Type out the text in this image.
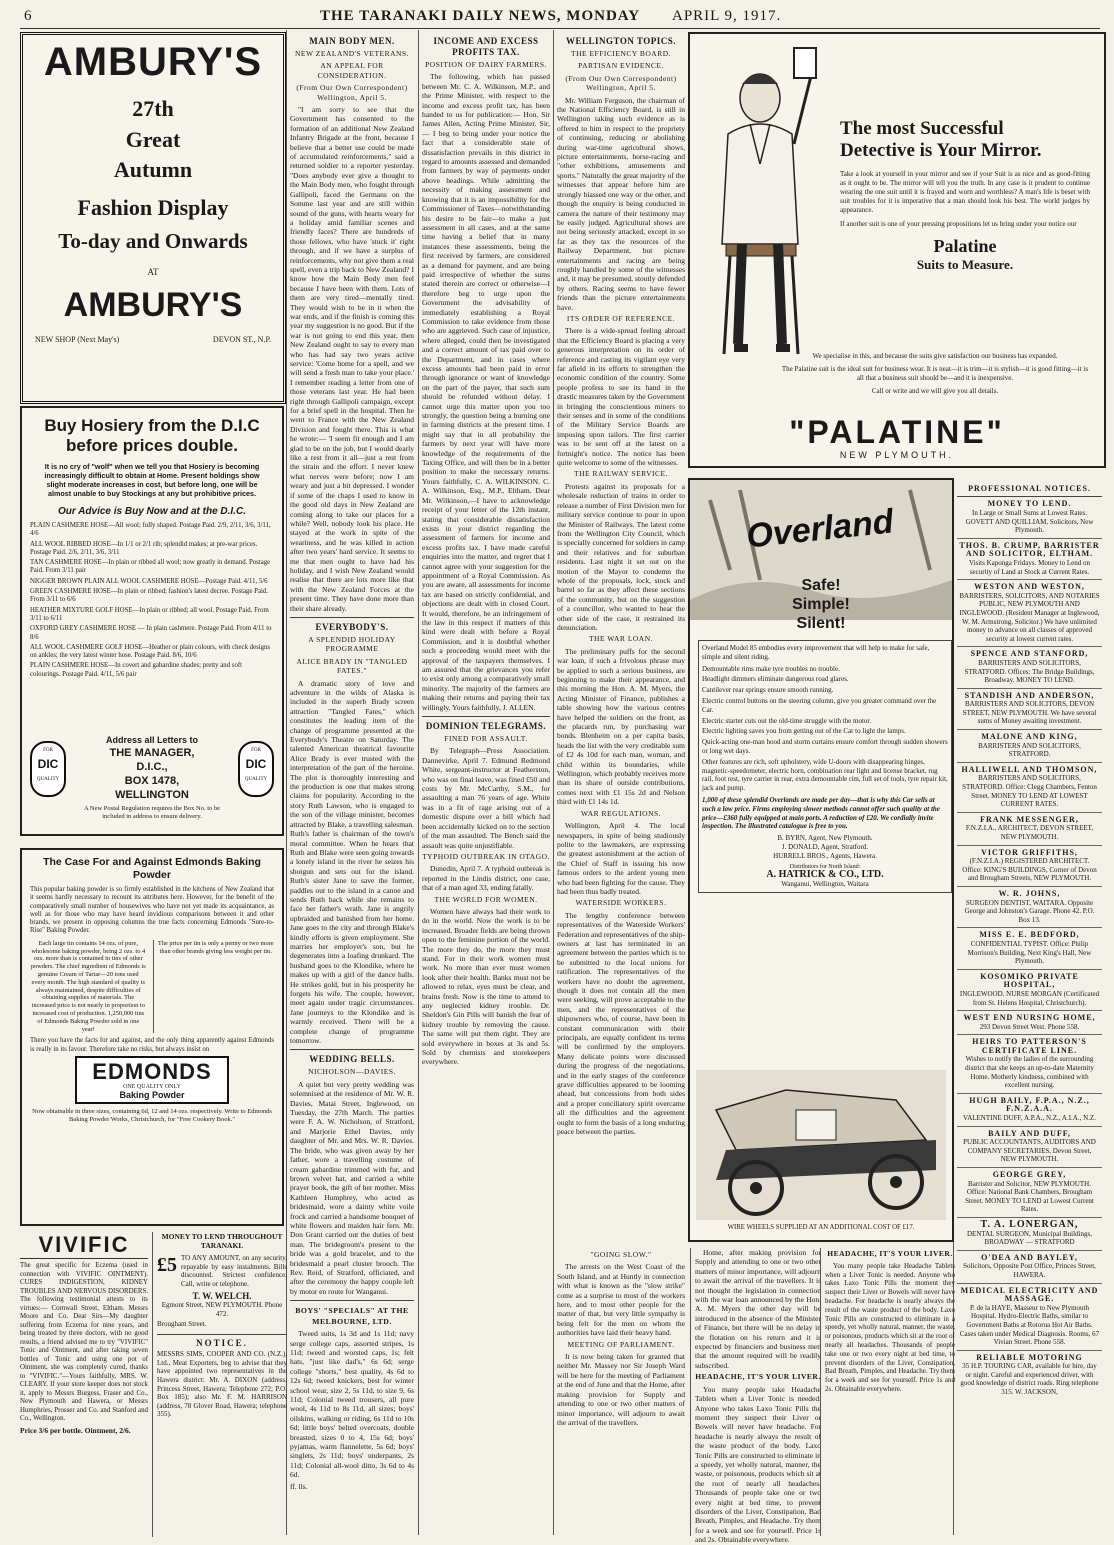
6	THE TARANAKI DAILY NEWS, MONDAY APRIL 9, 1917.
AMBURY'S
27th
Great
Autumn
Fashion Display
To-day and Onwards
AT
AMBURY'S
NEW SHOP (Next May's)	DEVON ST., N.P.
Buy Hosiery from the D.I.C before prices double.
It is no cry of "wolf" when we tell you that Hosiery is becoming increasingly difficult to obtain at Home. Present holdings show slight moderate increases in cost, but before long, one will be almost unable to buy Stockings at any but prohibitive prices.
Our Advice is Buy Now and at the D.I.C.
PLAIN CASHMERE HOSE—All wool; fully shaped. Postage Paid. 2/9, 2/11, 3/6, 3/11, 4/6
ALL WOOL RIBBED HOSE—In 1/1 or 2/1 rib; splendid makes; at pre-war prices. Postage Paid. 2/6, 2/11, 3/6, 3/11
TAN CASHMERE HOSE—In plain or ribbed all wool; now greatly in demand. Postage Paid. From 3/11 pair
NIGGER BROWN PLAIN ALL WOOL CASHMERE HOSE—Postage Paid. 4/11, 5/6
GREEN CASHMERE HOSE—In plain or ribbed; fashion's latest decree. Postage Paid. From 3/11 to 6/6
HEATHER MIXTURE GOLF HOSE—In plain or ribbed; all wool. Postage Paid. From 3/11 to 6/11
OXFORD GREY CASHMERE HOSE — In plain cashmere. Postage Paid. From 4/11 to 8/6
ALL WOOL CASHMERE GOLF HOSE—Heather or plain colours, with check designs on ankles; the very latest winter hose. Postage Paid. 8/6, 10/6
PLAIN CASHMERE HOSE—In covert and gabardine shades; pretty and soft colourings. Postage Paid. 4/11, 5/6 pair
FOR
DIC
QUALITY
FOR
DIC
QUALITY
Address all Letters to
THE MANAGER,
D.I.C.,
BOX 1478,
WELLINGTON
A New Postal Regulation requires the Box No. to be included in address to ensure delivery.
The Case For and Against Edmonds Baking Powder
This popular baking powder is so firmly established in the kitchens of New Zealand that it seems hardly necessary to recount its attributes here. However, for the benefit of the comparatively small number of housewives who have not yet made its acquaintance, as well as for those who may have heard invidious comparisons between it and other brands, we present in opposing columns the true facts concerning Edmonds "Sure-to-Rise" Baking Powder.
Each large tin contains 14 ozs. of pure, wholesome baking powder, being 2 ozs. to 4 ozs. more than is contained in tins of other powders. The chief ingredient of Edmonds is genuine Cream of Tartar—20 tons used every month. The high standard of quality is always maintained, despite difficulties of obtaining supplies of materials. The increased price is not nearly in proportion to increased cost of production. 1,250,000 tins of Edmonds Baking Powder sold in one year!
The price per tin is only a penny or two more than other brands giving less weight per tin.
There you have the facts for and against, and the only thing apparently against Edmonds is really in its favour. Therefore take no risks, but always insist on
EDMONDS
ONE QUALITY ONLY
Baking Powder
Now obtainable in three sizes, containing 6d, 12 and 14 ozs. respectively. Write to Edmonds Baking Powder Works, Christchurch, for "Free Cookery Book."
VIVIFIC
The great specific for Eczema (used in connection with VIVIFIC OINTMENT). CURES INDIGESTION, KIDNEY TROUBLES AND NERVOUS DISORDERS. The following testimonial attests to its virtues:— Cornwall Street, Eltham. Messrs Moore and Co. Dear Sirs—My daughter suffering from Eczema for nine years, and being treated by three doctors, with no good results, a friend advised me to try "VIVIFIC" Tonic and Ointment, and after taking seven bottles of Tonic and using one pot of Ointment, she was completely cured, thanks to "VIVIFIC."—Yours faithfully, MRS. W. CLEARY. If your store keeper does not stock it, apply to Messrs Burgess, Fraser and Co., New Plymouth and Hawera, or Messrs Humphries, Prosser and Co. and Stanford and Co., Wellington.
Price 3/6 per bottle. Ointment, 2/6.
MONEY TO LEND THROUGHOUT TARANAKI.
£5 TO ANY AMOUNT, on any security, repayable by easy instalments. Bills discounted. Strictest confidence. Call, write or telephone.
T. W. WELCH.
Egmont Street, NEW PLYMOUTH. Phone 472.
Brougham Street.
NOTICE.
MESSRS SIMS, COOPER AND CO. (N.Z.), Ltd., Meat Exporters, beg to advise that they have appointed two representatives in the Hawera district: Mr. A. DIXON (address, Princess Street, Hawera; Telephone 272; P.O. Box 185); also Mr. F. M. HARRISON (address, 78 Glover Road, Hawera; telephone 355).
MAIN BODY MEN.
NEW ZEALAND'S VETERANS.
AN APPEAL FOR CONSIDERATION.
(From Our Own Correspondent) Wellington, April 5.

"I am sorry to see that the Government has consented to the formation of an additional New Zealand Infantry Brigade at the front, because I believe that a better use could be made of accumulated reinforcements," said a returned soldier to a reporter yesterday. "Does anybody ever give a thought to the Main Body men, who fought through Gallipoli, faced the Germans on the Somme last year and are still within sound of the guns, with hearts weary for a holiday amid familiar scenes and friendly faces? There are hundreds of those fellows, who have 'stuck it' right through, and if we have a surplus of reinforcements, why not give them a real spell, even a trip back to New Zealand? I know how the Main Body men feel because I have been with them. Lots of them are very tired—mentally tired. They would wish to be in it when the war ends, and if the finish is coming this year my suggestion is no good. But if the war is not going to end this year, then New Zealand ought to say to every man who has had say two years active service: 'Come home for a spell, and we will send a fresh man to take your place.' I remember reading a letter from one of those veterans last year. He had been right through Gallipoli campaign, except for a brief spell in the hospital. Then he went to France with the New Zealand Division and fought there. This is what he wrote:— 'I seem fit enough and I am glad to be on the job, but I would dearly like a rest from it all—just a rest from the strain and the effort. I never knew what nerves were before; now I am weary and just a bit depressed. I wonder if some of the chaps I used to know in the good old days in New Zealand are coming along to take our places for a while? Well, nobody look his place. He stayed at the work in spite of the weariness, and he was killed in action after two years' hard service. It seems to me that men ought to have had his holiday, and I wish New Zealand would realise that there are lots more like that with the New Zealand Forces at the present time. They have done more than their share already.

EVERYBODY'S.
A SPLENDID HOLIDAY PROGRAMME
ALICE BRADY IN "TANGLED FATES."

A dramatic story of love and adventure in the wilds of Alaska is included in the superb Brady screen attraction "Tangled Fates," which constitutes the leading item of the change of programme presented at the Everybody's Theatre on Saturday. The talented American theatrical favourite Alice Brady is ever trusted with the interpretation of the part of the heroine. The plot is thoroughly interesting and the production is one that makes strong claims for popularity. According to the story Ruth Lawson, who is engaged to the son of the village minister, becomes attracted by Blake, a travelling salesman. Ruth's father is chairman of the town's moral committee. When he hears that Ruth and Blake were seen going towards a lonely island in the river he seizes his shotgun and sets out for the island. Ruth's sister Jane to save the former, paddles out to the island in a canoe and sends Ruth back while she remains to face her father's wrath. Jane is angrily upbraided and banished from her home. Jane goes to the city and through Blake's kindly efforts is given employment. She marries her employer's son, but he degenerates into a loafing drunkard. The husband goes to the Klondike, where he makes up with a girl of the dance halls. He strikes gold, but in his prosperity he forgets his wife. The couple, however, meet again under tragic circumstances. Jane journeys to the Klondike and is warmly received. There will be a complete change of programme tomorrow.

WEDDING BELLS.
NICHOLSON—DAVIES.

A quiet but very pretty wedding was solemnised at the residence of Mr. W. R. Davies, Matai Street, Inglewood, on Tuesday, the 27th March. The parties were F. A. W. Nicholson, of Stratford, and Marjorie Ethel Davies, only daughter of Mr. and Mrs. W. R. Davies. The bride, who was given away by her father, wore a travelling costume of cream gabardine trimmed with fur, and brown velvet hat, and carried a white prayer book, the gift of her mother. Miss Kathleen Humphrey, who acted as bridesmaid, wore a dainty white voile frock and carried a handsome bouquet of white flowers and maiden hair fern. Mr. Don Grant carried out the duties of best man. The bridegroom's present to the bride was a gold bracelet, and to the bridesmaid a pearl cluster brooch. The Rev. Reid, of Stratford, officiated, and after the ceremony the happy couple left by motor en route for Wanganui.

BOYS' "SPECIALS" AT THE MELBOURNE, LTD.

Tweed suits, 1s 3d and 1s 11d; navy serge college caps, assorted stripes, 1s 11d; tweed and worsted caps, 1s; felt hats, "just like dad's," 6s 6d; serge college "shorts," best quality, 4s 6d to 12s 6d; tweed knickers, best for winter school wear, size 2, 5s 11d, to size 9, 6s 11d; Colonial tweed trousers, all pure wool, 4s 11d to 8s 11d, all sizes; boys' oilskins, walking or riding, 6s 11d to 10s 6d; little boys' belted overcoats, double breasted, sizes 0 to 4, 15s 6d; boys' pyjamas, warm flannelette, 5s 6d; boys' singlets, 2s 11d; boys' underpants, 2s 11d; Colonial all-wool ditto, 3s 6d to 4s 6d.

ff. lls.
INCOME AND EXCESS PROFITS TAX.
POSITION OF DAIRY FARMERS.

The following, which has passed between Mr. C. A. Wilkinson, M.P., and the Prime Minister, with respect to the income and excess profit tax, has been handed to us for publication:— Hon. Sir James Allen, Acting Prime Minister. Sir,— I beg to bring under your notice the fact that a considerable state of dissatisfaction prevails in this district in regard to amounts assessed and demanded from farmers by way of payments under above headings. While admitting the necessity of making assessment and knowing that it is an impossibility for the Commissioner of Taxes—notwithstanding his desire to be fair—to make a just assessment in all cases, and at the same time having a belief that in many instances these assessments, being the first received by farmers, are considered as a demand for payment, and are being paid irrespective of whether the sums stated therein are correct or otherwise—I therefore beg to urge upon the Government the advisability of immediately establishing a Royal Commission to take evidence from those who are aggrieved. Such case of injustice, where alleged, could then be investigated and a correct amount of tax paid over to the Department, and in cases where excess amounts had been paid in error through ignorance or want of knowledge on the part of the payer, that such sum should be refunded without delay. I cannot urge this matter upon you too strongly, the question being a burning one in farming districts at the present time. I might say that in all probability the farmers by next year will have more knowledge of the requirements of the Taxing Office, and will then be in a better position to make the necessary returns. Yours faithfully, C. A. WILKINSON. C. A. Wilkinson, Esq., M.P., Eltham. Dear Mr. Wilkinson,—I have to acknowledge receipt of your letter of the 12th instant, stating that considerable dissatisfaction exists in your district regarding the assessment of farmers for income and excess profits tax. I have made careful enquiries into the matter, and regret that I cannot agree with your suggestion for the appointment of a Royal Commission. As you are aware, all assessments for income tax are based on strictly confidential, and objections are dealt with in closed Court. It would, therefore, be an infringement of the law in this respect if matters of this kind were dealt with before a Royal Commission, and it is doubtful whether such a proceeding would meet with the approval of the taxpayers themselves. I am assured that the grievances you refer to exist only among a comparatively small minority. The majority of the farmers are making their returns and paying their tax willingly. Yours faithfully, J. ALLEN.

DOMINION TELEGRAMS.
FINED FOR ASSAULT.

By Telegraph—Press Association. Dannevirke, April 7. Edmund Redmond White, sergeant-instructor at Featherston, who was on final leave, was fined £50 and costs by Mr. McCarthy, S.M., for assaulting a man 76 years of age. White was in a fit of rage arising out of a domestic dispute over a bill which had been accidentally kicked on to the section of the man assaulted. The Bench said the assault was quite unjustifiable.

TYPHOID OUTBREAK IN OTAGO.

Dunedin, April 7. A typhoid outbreak is reported in the Lindis district, one case, that of a man aged 33, ending fatally.

THE WORLD FOR WOMEN.

Women have always had their work to do in the world. Now the work is to be increased. Broader fields are being thrown open to the feminine portion of the world. The more they do, the more they must stand. For in their work women must work. No more than ever must women look after their health. Banks must not be allowed to relax, eyes must be clear, and brains fresh. Now is the time to attend to any neglected kidney trouble. Dr. Sheldon's Gin Pills will banish the fear of kidney trouble by removing the cause. The same will put them right. They are sold everywhere in boxes at 3s and 5s. Sold by chemists and storekeepers everywhere.

WELLINGTON TOPICS.
THE EFFICIENCY BOARD.
PARTISAN EVIDENCE.
(From Our Own Correspondent) Wellington, April 5.

Mr. William Ferguson, the chairman of the National Efficiency Board, is still in Wellington taking such evidence as is offered to him in respect to the propriety of continuing, reducing or abolishing during war-time agricultural shows, picture entertainments, horse-racing and "other exhibitions, amusements and sports." Naturally the great majority of the witnesses that appear before him are strongly biassed one way or the other, and though the enquiry is being conducted in camera the nature of their testimony may be easily judged. Agricultural shows are not being seriously attacked, except in so far as they tax the resources of the Railway Department, but picture entertainments and racing are being roughly handled by some of the witnesses and, it may be presumed, stoutly defended by others. Racing seems to have fewer friends than the picture entertainments have.

ITS ORDER OF REFERENCE.

There is a wide-spread feeling abroad that the Efficiency Board is placing a very generous interpretation on its order of reference and casting its vigilant eye very far afield in its efforts to strengthen the economic condition of the country. Some people profess to see its hand in the drastic measures taken by the Government in bringing the conscientious miners to their senses and in some of the conditions of the Military Service Boards are imposing upon tailors. The first carrier was to be sent off at the latest on a fortnight's notice. The notice has been quite welcome to some of the witnesses.

THE RAILWAY SERVICE.

Protests against its proposals for a wholesale reduction of trains in order to release a number of First Division men for military service continue to pour in upon the Minister of Railways. The latest come from the Wellington City Council, which is specially concerned for soldiers in camp and their relatives and for suburban residents. Last night it set out on the motion of the Mayor to condemn the whole of the proposals, lock, stock and barrel so far as they affect these sections of the community, but on the suggestion of a councillor, who wanted to hear the other side of the case, it restrained its denunciation.

THE WAR LOAN.

The preliminary puffs for the second war loan, if such a frivolous phrase may be applied to such a serious business, are beginning to make their appearance, and this morning the Hon. A. M. Myers, the Acting Minister of Finance, publishes a table showing how the various centres have helped the soldiers on the front, as the placards run, by purchasing war bonds. Blenheim on a per capita basis, heads the list with the very creditable sum of £2 4s 10d for each man, woman, and child within its boundaries, while Wellington, which probably receives more than its share of outside contributions, comes next with £1 15s 2d and Nelson third with £1 14s 1d.

WAR REGULATIONS.

Wellington, April 4. The local newspapers, in spite of being studiously polite to the lawmakers, are expressing the greatest astonishment at the action of the Chief of Staff in issuing his now famous orders to the ardent young men who had been fighting for the cause. They had been thus badly treated.

WATERSIDE WORKERS.

The lengthy conference between representatives of the Waterside Workers' Federation and representatives of the ship-owners at last has terminated in an agreement between the parties which is to be submitted to the local unions for ratification. The representatives of the workers have no doubt the agreement, though it does not contain all the men were seeking, will prove acceptable to the men, and the representatives of the shipowners who, of course, have been in constant communication with their principals, are equally confident its terms will be confirmed by the employers. Many delicate points were discussed during the progress of the negotiations, and in the early stages of the conference grave difficulties appeared to be looming ahead, but concessions from both sides and a proper conciliatory spirit overcame all the difficulties and the agreement ought to form the basis of a long enduring peace between the parties.

"GOING SLOW."

The arrests on the West Coast of the South Island, and at Huntly in connection with what is known as the "slow strike" come as a surprise to most of the workers here, and to most other people for the matter of that, but very little sympathy is being felt for the men on whom the authorities have laid their heavy hand.

MEETING OF PARLIAMENT.

It is now being taken for granted that neither Mr. Massey nor Sir Joseph Ward will be here for the meeting of Parliament at the end of June and that the Home, after making provision for Supply and attending to one or two other matters of minor importance, will adjourn to await the arrival of the travellers.

Home, after making provision for Supply and attending to one or two other matters of minor importance, will adjourn to await the arrival of the travellers. It is not thought the legislation in connection with the war loan announced by the Hon. A. M. Myers the other day will be introduced in the absence of the Minister of Finance, but there will be no delay in the flotation on his return and it is expected by financiers and business men that the amount required will be readily subscribed.

HEADACHE, IT'S YOUR LIVER.

You many people take Headache Tablets when a Liver Tonic is needed. Anyone who takes Laxo Tonic Pills the moment they suspect their Liver or Bowels will never have headache. For headache is nearly always the result of the waste product of the body. Laxo Tonic Pills are constructed to eliminate in a speedy, yet wholly natural, manner, the waste, or poisonous, products which sit at the root of nearly all headaches. Thousands of people take one or two every night at bed time, to prevent disorders of the Liver, Constipation, Bad Breath, Pimples, and Headache. Try them for a week and see for yourself. Price 1s and 2s. Obtainable everywhere.

The most Successful
Detective is Your Mirror.
Take a look at yourself in your mirror and see if your Suit is as nice and as good-fitting as it ought to be. The mirror will tell you the truth. In any case is it prudent to continue wearing the one suit until it is frayed and worn and worthless? A man's life is beset with suit troubles for it is imperative that a man should look his best. The world judges by appearance.
If another suit is one of your pressing propositions let us bring under your notice our
Palatine
Suits to Measure.
We specialise in this, and because the suits give satisfaction our business has expanded.
The Palatine suit is the ideal suit for business wear. It is neat—it is trim—it is stylish—it is good fitting—it is all that a business suit should be—and it is inexpensive.
Call or write and we will give you all details.
"PALATINE"
NEW PLYMOUTH.
Overland
Safe!
Simple!
Silent!
Overland Model 85 embodies every improvement that will help to make for safe, simple and silent riding.
Demountable rims make tyre troubles no trouble.
Headlight dimmers eliminate dangerous road glares.
Cantilever rear springs ensure smooth running.
Electric control buttons on the steering column, give you greater command over the Car.
Electric starter cuts out the old-time struggle with the motor.
Electric lighting saves you from getting out of the Car to light the lamps.
Quick-acting one-man hood and storm curtains ensure comfort through sudden showers or long wet days.
Other features are rich, soft upholstery, wide U-doors with disappearing hinges, magnetic-speedometer, electric horn, combination rear light and license bracket, rug rail, foot rest, tyre carrier in rear, extra demountable rim, full set of tools, tyre repair kit, jack and pump.
1,000 of these splendid Overlands are made per day—that is why this Car sells at such a low price. Firms employing slower methods cannot offer such quality at the price—£360 fully equipped at main ports. A reduction of £20. We cordially invite inspection. The illustrated catalogue is free to you.
B. BYRN, Agent, New Plymouth.
J. DONALD, Agent, Stratford.
HURRELL BROS., Agents, Hawera.
Distributors for North Island:
A. HATRICK & CO., LTD.
Wanganui, Wellington, Waitara
WIRE WHEELS SUPPLIED AT AN ADDITIONAL COST OF £17.
PROFESSIONAL NOTICES.
MONEY TO LEND.
In Large or Small Sums at Lowest Rates. GOVETT AND QUILLIAM, Solicitors, New Plymouth.
THOS. B. CRUMP, BARRISTER AND SOLICITOR, ELTHAM.
Visits Kaponga Fridays. Money to Lend on security of Land at Stock at Current Rates.
WESTON AND WESTON,
BARRISTERS, SOLICITORS, AND NOTARIES PUBLIC, NEW PLYMOUTH AND INGLEWOOD. (Resident Manager at Inglewood, W. M. Armstrong, Solicitor.) We have unlimited money to advance on all classes of approved security at lowest current rates.
SPENCE AND STANFORD,
BARRISTERS AND SOLICITORS, STRATFORD. Offices: The Bridge Buildings, Broadway. MONEY TO LEND.
STANDISH AND ANDERSON,
BARRISTERS AND SOLICITORS, DEVON STREET, NEW PLYMOUTH. We have several sums of Money awaiting investment.
MALONE AND KING,
BARRISTERS AND SOLICITORS, STRATFORD.
HALLIWELL AND THOMSON,
BARRISTERS AND SOLICITORS, STRATFORD. Office: Clegg Chambers, Fenton Street. MONEY TO LEND AT LOWEST CURRENT RATES.
FRANK MESSENGER,
F.N.Z.I.A., ARCHITECT, DEVON STREET, NEW PLYMOUTH.
VICTOR GRIFFITHS,
(F.N.Z.I.A.) REGISTERED ARCHITECT. Office: KING'S BUILDINGS, Corner of Devon and Brougham Streets, NEW PLYMOUTH.
W. R. JOHNS,
SURGEON DENTIST, WAITARA. Opposite George and Johnston's Garage. Phone 42. P.O. Box 13.
MISS E. E. BEDFORD,
CONFIDENTIAL TYPIST. Office: Philip Morrison's Building, Next King's Hall, New Plymouth.
KOSOMIKO PRIVATE HOSPITAL,
INGLEWOOD. NURSE MORGAN (Certificated from St. Helens Hospital, Christchurch).
WEST END NURSING HOME,
293 Devon Street West. Phone 558.
HEIRS TO PATTERSON'S CERTIFICATE LINE.
Wishes to notify the ladies of the surrounding district that she keeps an up-to-date Maternity Home. Motherly kindness, combined with excellent nursing.
HUGH BAILY, F.P.A., N.Z., F.N.Z.A.A.
VALENTINE DUFF, A.P.A., N.Z., A.I.A., N.Z.
BAILY AND DUFF,
PUBLIC ACCOUNTANTS, AUDITORS AND COMPANY SECRETARIES, Devon Street, NEW PLYMOUTH.
GEORGE GREY,
Barrister and Solicitor, NEW PLYMOUTH. Office: National Bank Chambers, Brougham Street. MONEY TO LEND at Lowest Current Rates.
T. A. LONERGAN,
DENTAL SURGEON, Municipal Buildings, BROADWAY — STRATFORD
O'DEA AND BAYLEY,
Solicitors, Opposite Post Office, Princes Street, HAWERA.
MEDICAL ELECTRICITY AND MASSAGE.
P. de la HAYE, Masseur to New Plymouth Hospital. Hydro-Electric Baths, similar to Government Baths at Rotorua Hot Air Baths. Cases taken under Medical Diagnosis. Rooms, 67 Vivian Street. Phone 558.
RELIABLE MOTORING
35 H.P. TOURING CAR, available for hire, day or night. Careful and experienced driver, with good knowledge of district roads. Ring telephone 315. W. JACKSON,
HEADACHE, IT'S YOUR LIVER.

You many people take Headache Tablets when a Liver Tonic is needed. Anyone who takes Laxo Tonic Pills the moment they suspect their Liver or Bowels will never have headache. For headache is nearly always the result of the waste product of the body. Laxo Tonic Pills are constructed to eliminate in a speedy, yet wholly natural, manner, the waste, or poisonous, products which sit at the root of nearly all headaches. Thousands of people take one or two every night at bed time, to prevent disorders of the Liver, Constipation, Bad Breath, Pimples, and Headache. Try them for a week and see for yourself. Price 1s and 2s. Obtainable everywhere.
